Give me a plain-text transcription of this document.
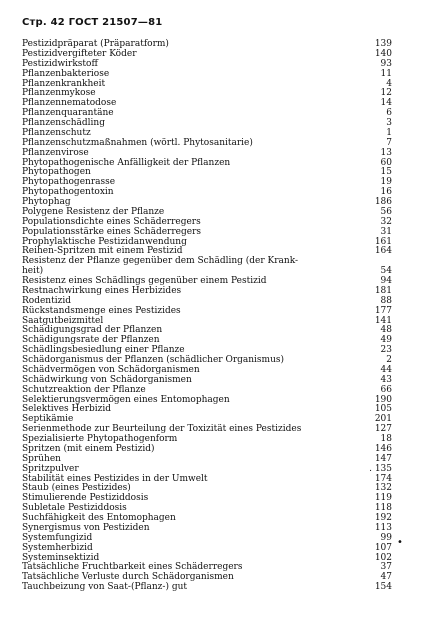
Стр. 42 ГОСТ 21507—81
Pestizidpräparat (Präparatform)	139
Pestizidvergifteter Köder	140
Pestizidwirkstoff	93
Pflanzenbakteriose	11
Pflanzenkrankheit	4
Pflanzenmykose	12
Pflanzennematodose	14
Pflanzenquarantäne	6
Pflanzenschädling	3
Pflanzenschutz	1
Pflanzenschutzmaßnahmen (wörtl. Phytosanitarie)	7
Pflanzenvirose	13
Phytopathogenische Anfälligkeit der Pflanzen	60
Phytopathogen	15
Phytopathogenrasse	19
Phytopathogentoxin	16
Phytophag	186
Polygene Resistenz der Pflanze	56
Populationsdichte eines Schäderregers	32
Populationsstärke eines Schäderregers	31
Prophylaktische Pestizidanwendung	161
Reihen-Spritzen mit einem Pestizid	164
Resistenz der Pflanze gegenüber dem Schädling (der Krank-
heit)	54
Resistenz eines Schädlings gegenüber einem Pestizid	94
Restnachwirkung eines Herbizides	181
Rodentizid	88
Rückstandsmenge eines Pestizides	177
Saatgutbeizmittel	141
Schädigungsgrad der Pflanzen	48
Schädigungsrate der Pflanzen	49
Schädlingsbesiedlung einer Pflanze	23
Schädorganismus der Pflanzen (schädlicher Organismus)	2
Schädvermögen von Schädorganismen	44
Schädwirkung von Schädorganismen	43
Schutzreaktion der Pflanze	66
Selektierungsvermögen eines Entomophagen	190
Selektives Herbizid	105
Septikämie	201
Serienmethode zur Beurteilung der Toxizität eines Pestizides	127
Spezialisierte Phytopathogenform	18
Spritzen (mit einem Pestizid)	146
Sprühen	147
Spritzpulver	. 135
Stabilität eines Pestizides in der Umwelt	174
Staub (eines Pestizides)	132
Stimulierende Pestiziddosis	119
Subletale Pestiziddosis	118
Suchfähigkeit des Entomophagen	192
Synergismus von Pestiziden	113
Systemfungizid	99
Systemherbizid	107
Systeminsektizid	102
Tatsächliche Fruchtbarkeit eines Schäderregers	37
Tatsächliche Verluste durch Schädorganismen	47
Tauchbeizung von Saat-(Pflanz-) gut	154
•
